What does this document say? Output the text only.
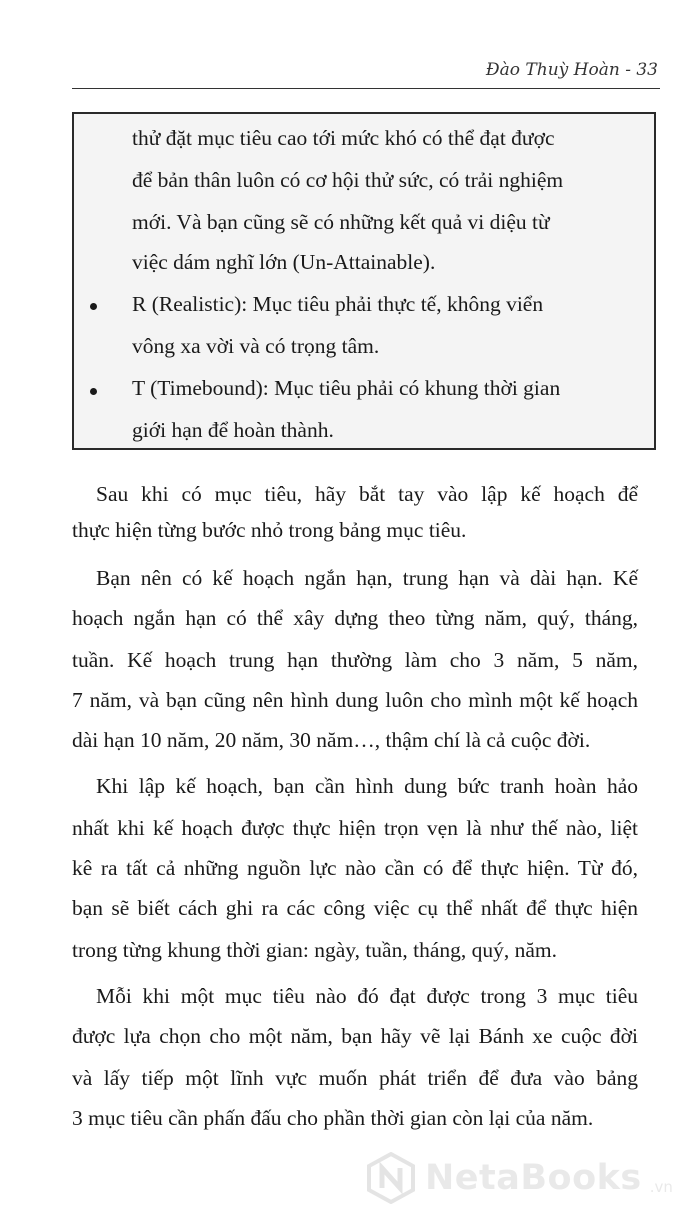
Đào Thuỳ Hoàn - 33
thử đặt mục tiêu cao tới mức khó có thể đạt được
để bản thân luôn có cơ hội thử sức, có trải nghiệm
mới. Và bạn cũng sẽ có những kết quả vi diệu từ
việc dám nghĩ lớn (Un-Attainable).
R (Realistic): Mục tiêu phải thực tế, không viển
vông xa vời và có trọng tâm.
T (Timebound): Mục tiêu phải có khung thời gian
giới hạn để hoàn thành.
Sau khi có mục tiêu, hãy bắt tay vào lập kế hoạch để
thực hiện từng bước nhỏ trong bảng mục tiêu.
Bạn nên có kế hoạch ngắn hạn, trung hạn và dài hạn. Kế
hoạch ngắn hạn có thể xây dựng theo từng năm, quý, tháng,
tuần. Kế hoạch trung hạn thường làm cho 3 năm, 5 năm,
7 năm, và bạn cũng nên hình dung luôn cho mình một kế hoạch
dài hạn 10 năm, 20 năm, 30 năm…, thậm chí là cả cuộc đời.
Khi lập kế hoạch, bạn cần hình dung bức tranh hoàn hảo
nhất khi kế hoạch được thực hiện trọn vẹn là như thế nào, liệt
kê ra tất cả những nguồn lực nào cần có để thực hiện. Từ đó,
bạn sẽ biết cách ghi ra các công việc cụ thể nhất để thực hiện
trong từng khung thời gian: ngày, tuần, tháng, quý, năm.
Mỗi khi một mục tiêu nào đó đạt được trong 3 mục tiêu
được lựa chọn cho một năm, bạn hãy vẽ lại Bánh xe cuộc đời
và lấy tiếp một lĩnh vực muốn phát triển để đưa vào bảng
3 mục tiêu cần phấn đấu cho phần thời gian còn lại của năm.
NetaBooks .vn
